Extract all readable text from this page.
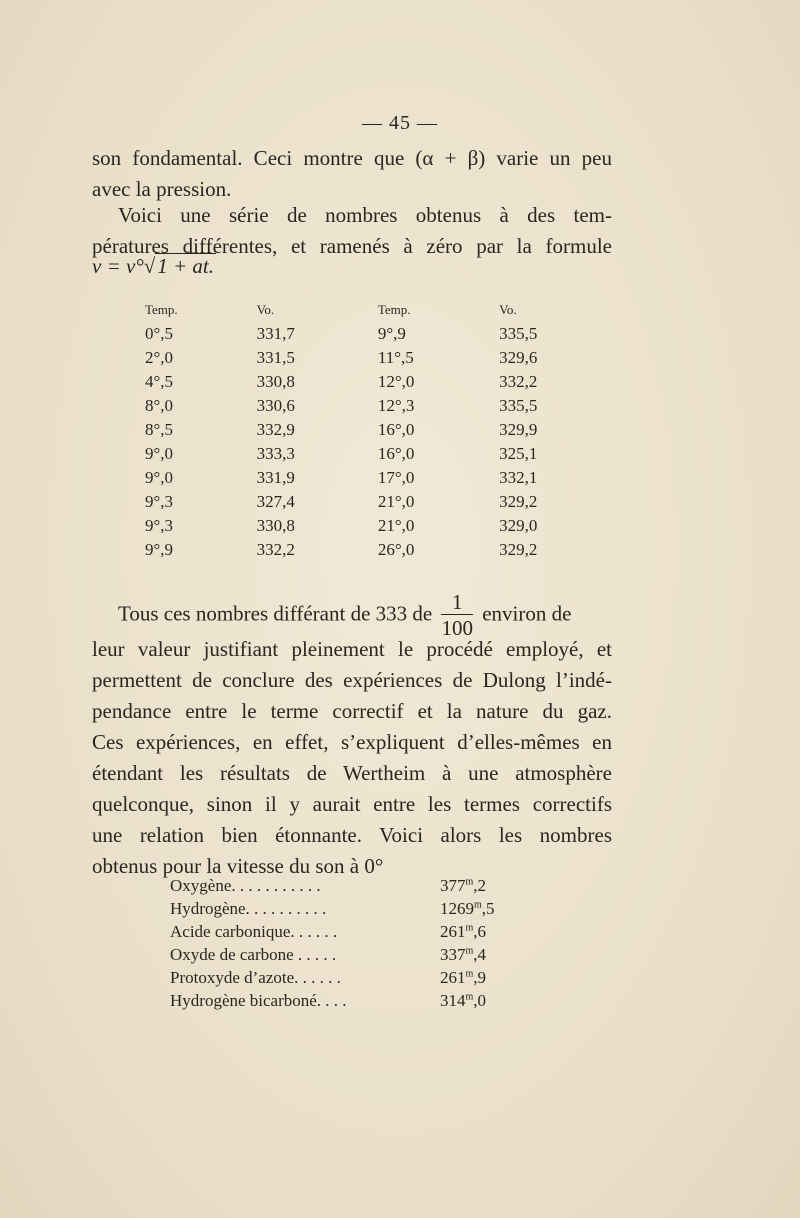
— 45 —
son fondamental. Ceci montre que (α + β) varie un peu
avec la pression.
Voici une série de nombres obtenus à des tem-
pératures différentes, et ramenés à zéro par la formule
v = v°√1 + at.
Temp.	Vo.	Temp.	Vo.
0°,5	331,7	9°,9	335,5
2°,0	331,5	11°,5	329,6
4°,5	330,8	12°,0	332,2
8°,0	330,6	12°,3	335,5
8°,5	332,9	16°,0	329,9
9°,0	333,3	16°,0	325,1
9°,0	331,9	17°,0	332,1
9°,3	327,4	21°,0	329,2
9°,3	330,8	21°,0	329,0
9°,9	332,2	26°,0	329,2
Tous ces nombres différant de 333 de $\frac{1}{100}$ environ de
leur valeur justifiant pleinement le procédé employé, et
permettent de conclure des expériences de Dulong l’indé-
pendance entre le terme correctif et la nature du gaz.
Ces expériences, en effet, s’expliquent d’elles-mêmes en
étendant les résultats de Wertheim à une atmosphère
quelconque, sinon il y aurait entre les termes correctifs
une relation bien étonnante. Voici alors les nombres
obtenus pour la vitesse du son à 0°
Oxygène. . . . . . . . . . .	377$^m$,2
Hydrogène. . . . . . . . . .	1269$^m$,5
Acide carbonique. . . . . .	261$^m$,6
Oxyde de carbone . . . . .	337$^m$,4
Protoxyde d’azote. . . . . .	261$^m$,9
Hydrogène bicarboné. . . .	314$^m$,0
